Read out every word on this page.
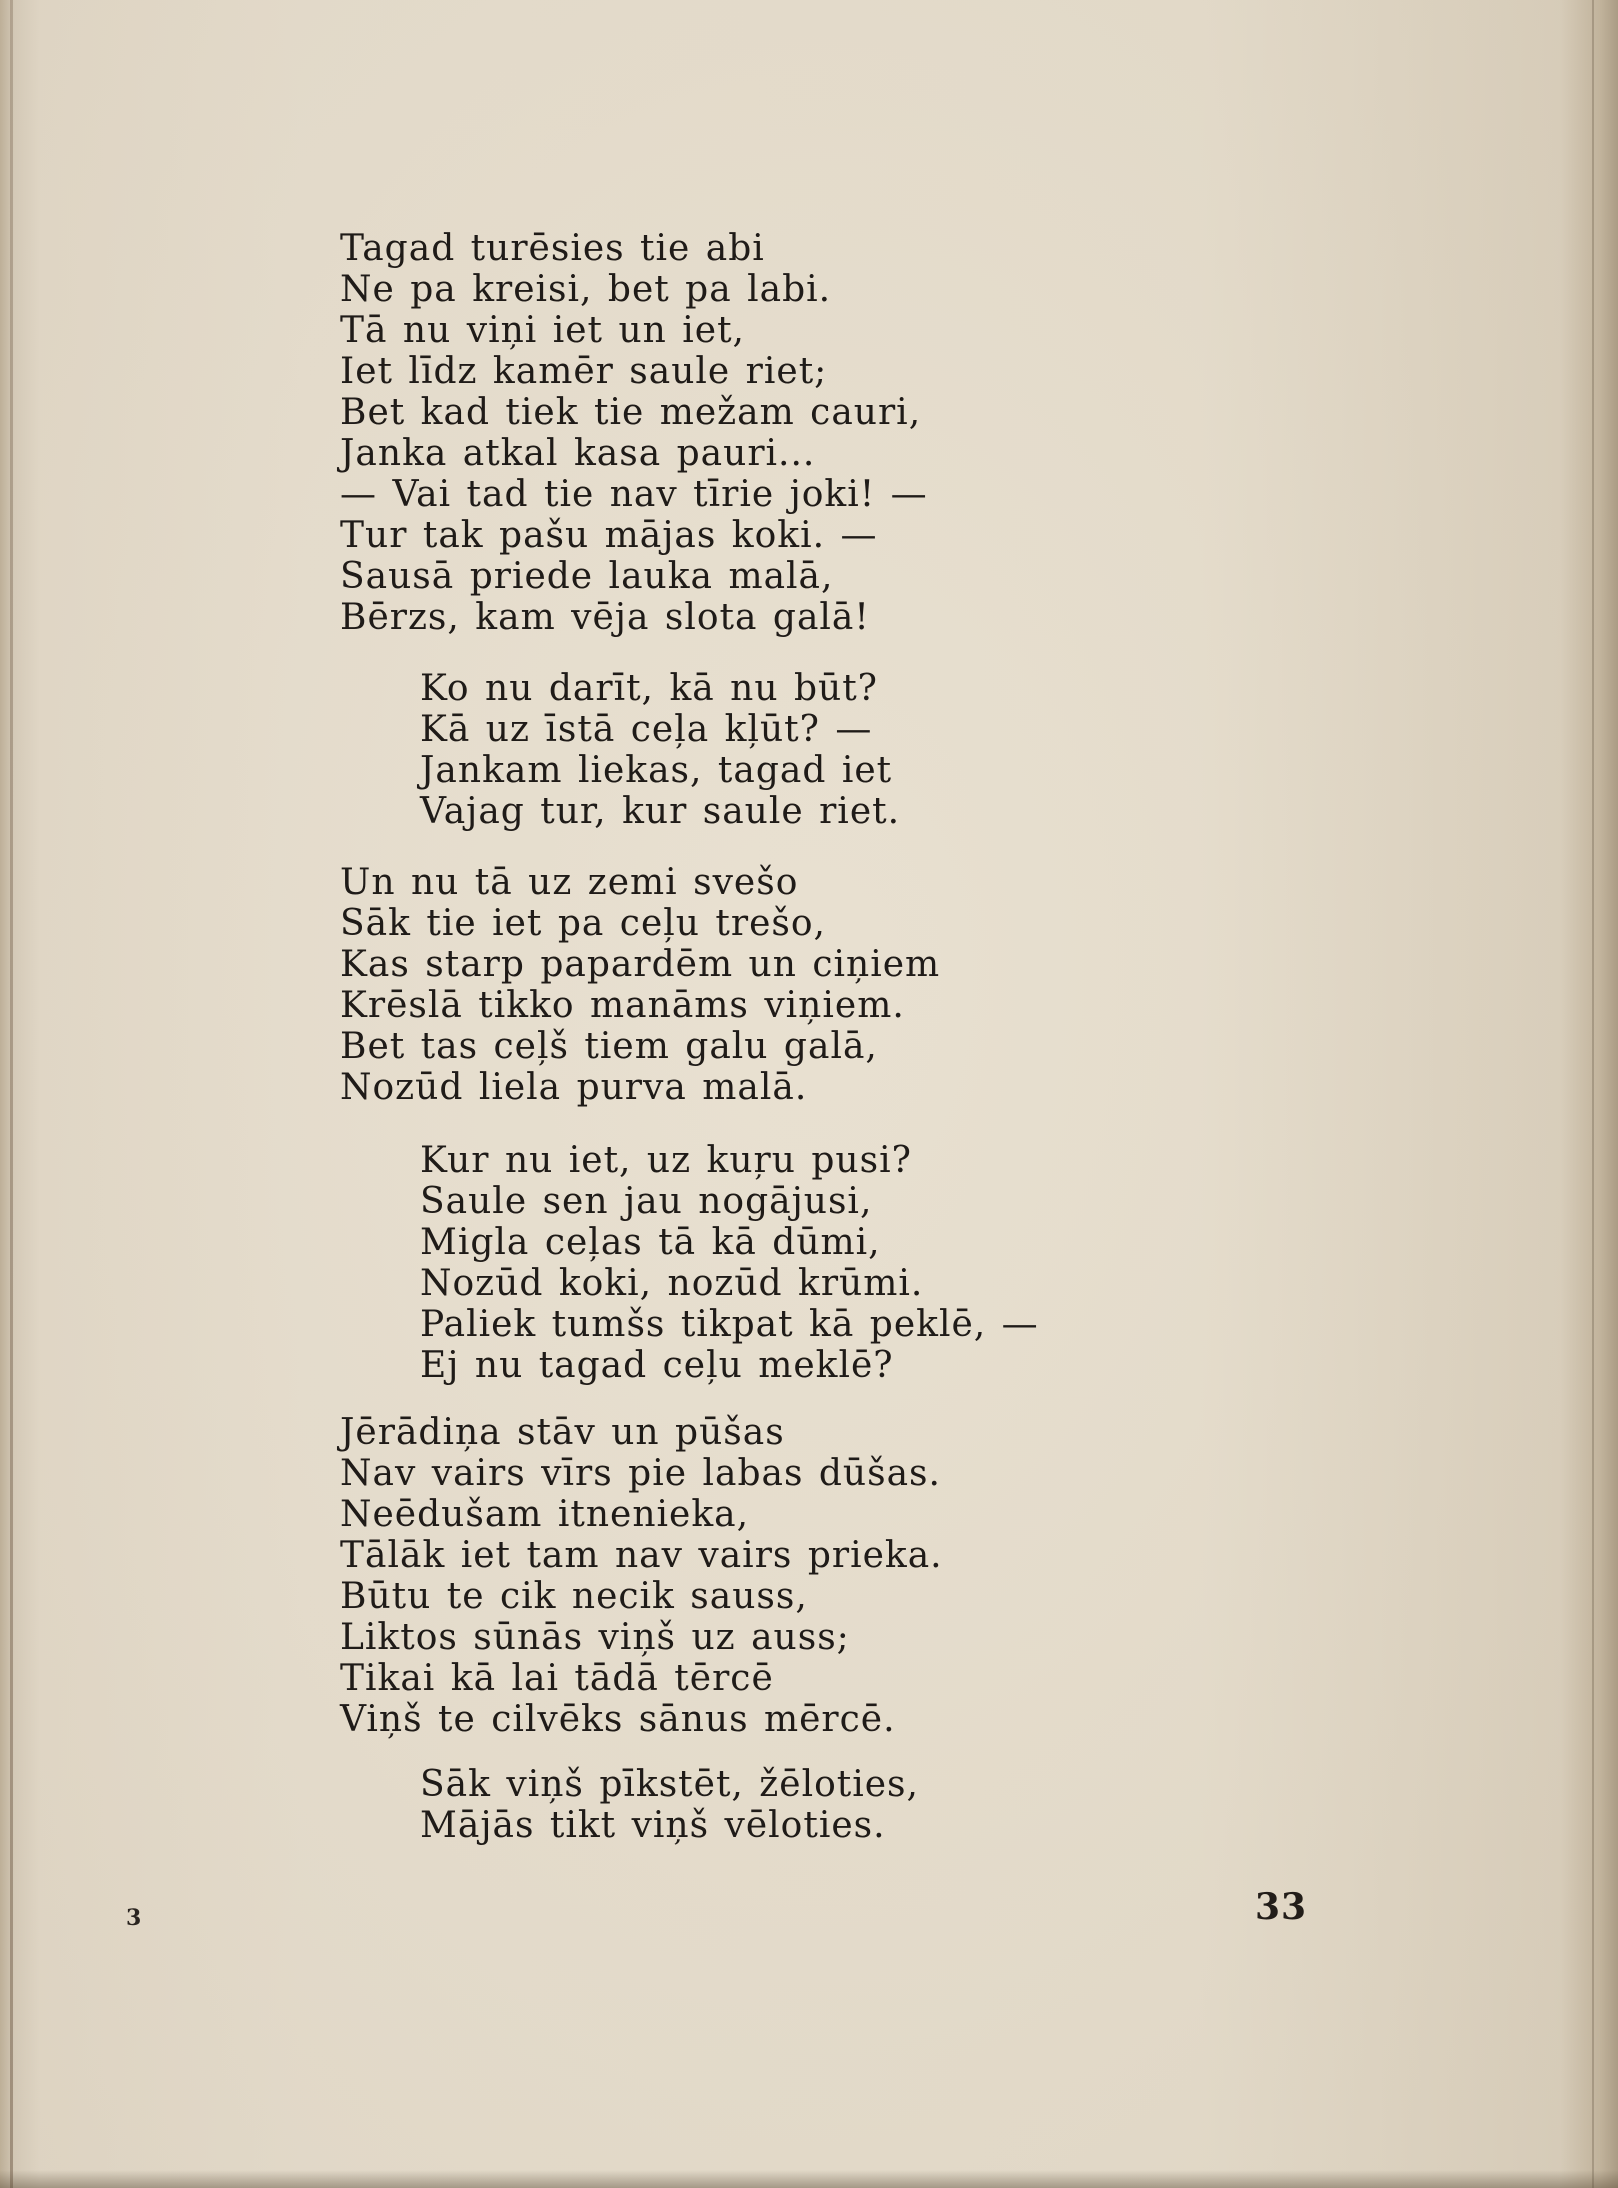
Tagad turēsies tie abi
Ne pa kreisi, bet pa labi.
Tā nu viņi iet un iet,
Iet līdz kamēr saule riet;
Bet kad tiek tie mežam cauri,
Janka atkal kasa pauri...
— Vai tad tie nav tīrie joki! —
Tur tak pašu mājas koki. —
Sausā priede lauka malā,
Bērzs, kam vēja slota galā!
Ko nu darīt, kā nu būt?
Kā uz īstā ceļa kļūt? —
Jankam liekas, tagad iet
Vajag tur, kur saule riet.
Un nu tā uz zemi svešo
Sāk tie iet pa ceļu trešo,
Kas starp papardēm un ciņiem
Krēslā tikko manāms viņiem.
Bet tas ceļš tiem galu galā,
Nozūd liela purva malā.
Kur nu iet, uz kuŗu pusi?
Saule sen jau nogājusi,
Migla ceļas tā kā dūmi,
Nozūd koki, nozūd krūmi.
Paliek tumšs tikpat kā peklē, —
Ej nu tagad ceļu meklē?
Jērādiņa stāv un pūšas
Nav vairs vīrs pie labas dūšas.
Neēdušam itnenieka,
Tālāk iet tam nav vairs prieka.
Būtu te cik necik sauss,
Liktos sūnās viņš uz auss;
Tikai kā lai tādā tērcē
Viņš te cilvēks sānus mērcē.
Sāk viņš pīkstēt, žēloties,
Mājās tikt viņš vēloties.
3	33
